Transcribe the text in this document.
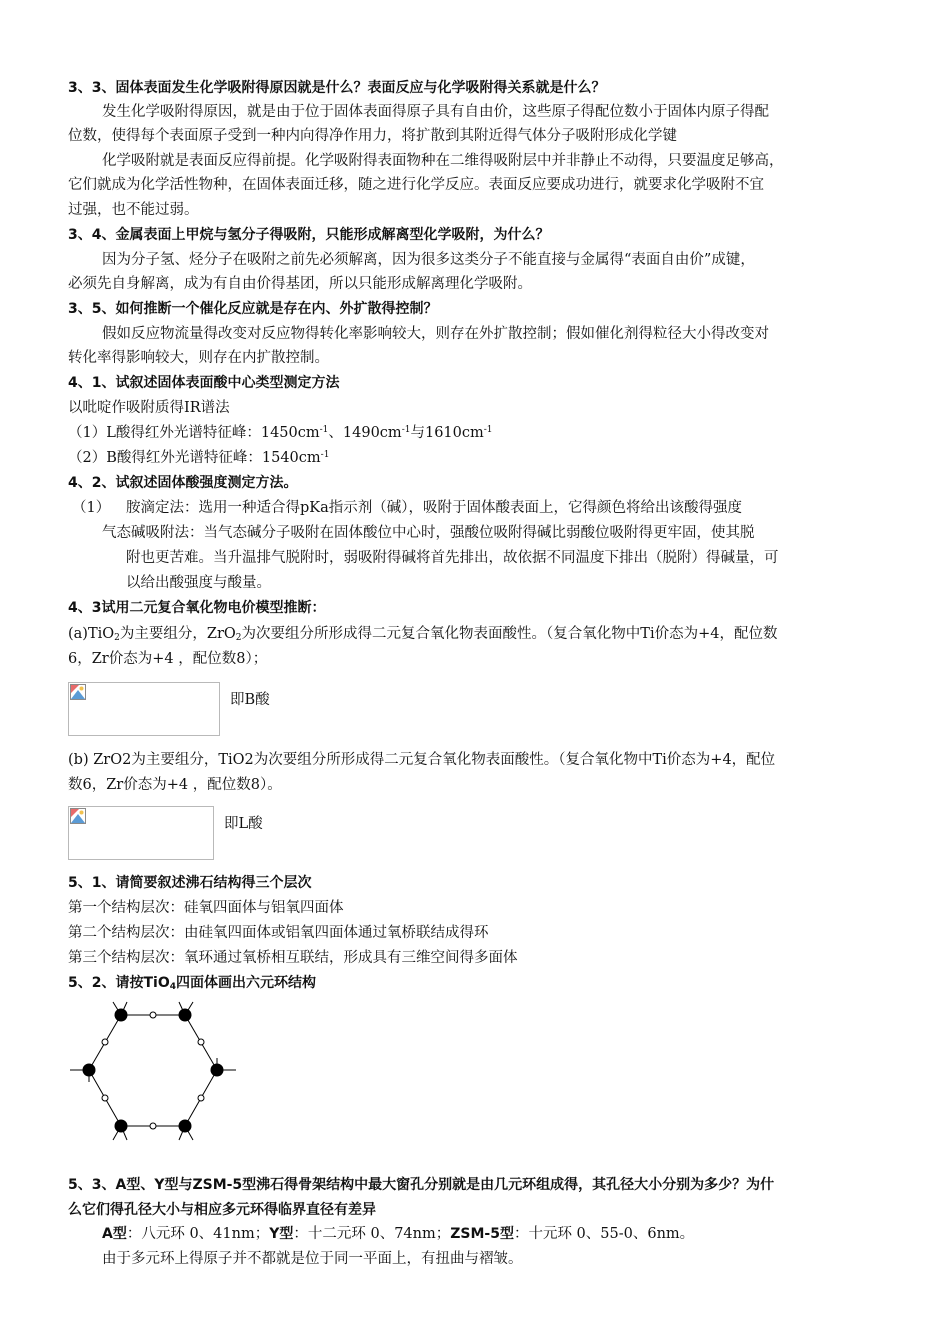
3、3、固体表面发生化学吸附得原因就是什么？表面反应与化学吸附得关系就是什么？
发生化学吸附得原因，就是由于位于固体表面得原子具有自由价，这些原子得配位数小于固体内原子得配
位数，使得每个表面原子受到一种内向得净作用力，将扩散到其附近得气体分子吸附形成化学键
化学吸附就是表面反应得前提。化学吸附得表面物种在二维得吸附层中并非静止不动得，只要温度足够高，
它们就成为化学活性物种，在固体表面迁移，随之进行化学反应。表面反应要成功进行，就要求化学吸附不宜
过强，也不能过弱。
3、4、金属表面上甲烷与氢分子得吸附，只能形成解离型化学吸附，为什么？
因为分子氢、烃分子在吸附之前先必须解离，因为很多这类分子不能直接与金属得“表面自由价”成键，
必须先自身解离，成为有自由价得基团，所以只能形成解离理化学吸附。
3、5、如何推断一个催化反应就是存在内、外扩散得控制？
假如反应物流量得改变对反应物得转化率影响较大，则存在外扩散控制；假如催化剂得粒径大小得改变对
转化率得影响较大，则存在内扩散控制。
4、1、试叙述固体表面酸中心类型测定方法
以吡啶作吸附质得IR谱法
（1）L酸得红外光谱特征峰：$1450cm^{-1}$、$1490cm^{-1}$与$1610cm^{-1}$
（2）B酸得红外光谱特征峰：$1540cm^{-1}$
4、2、试叙述固体酸强度测定方法。
（1） 胺滴定法：选用一种适合得pKa指示剂（碱），吸附于固体酸表面上，它得颜色将给出该酸得强度
气态碱吸附法：当气态碱分子吸附在固体酸位中心时，强酸位吸附得碱比弱酸位吸附得更牢固，使其脱
附也更苦难。当升温排气脱附时，弱吸附得碱将首先排出，故依据不同温度下排出（脱附）得碱量，可
以给出酸强度与酸量。
4、3试用二元复合氧化物电价模型推断：
(a)TiO$_2$为主要组分，ZrO$_2$为次要组分所形成得二元复合氧化物表面酸性。（复合氧化物中Ti价态为+4，配位数
6，Zr价态为+4 ，配位数8）；
即B酸
(b) ZrO2为主要组分，TiO2为次要组分所形成得二元复合氧化物表面酸性。（复合氧化物中Ti价态为+4，配位
数6，Zr价态为+4 ，配位数8）。
即L酸
5、1、请简要叙述沸石结构得三个层次
第一个结构层次：硅氧四面体与铝氧四面体
第二个结构层次：由硅氧四面体或铝氧四面体通过氧桥联结成得环
第三个结构层次：氧环通过氧桥相互联结，形成具有三维空间得多面体
5、2、请按TiO$_4$四面体画出六元环结构
5、3、A型、Y型与ZSM-5型沸石得骨架结构中最大窗孔分别就是由几元环组成得，其孔径大小分别为多少？为什
么它们得孔径大小与相应多元环得临界直径有差异
A型：八元环 0、41nm；Y型：十二元环 0、74nm；ZSM-5型：十元环 0、55-0、6nm。
由于多元环上得原子并不都就是位于同一平面上，有扭曲与褶皱。
